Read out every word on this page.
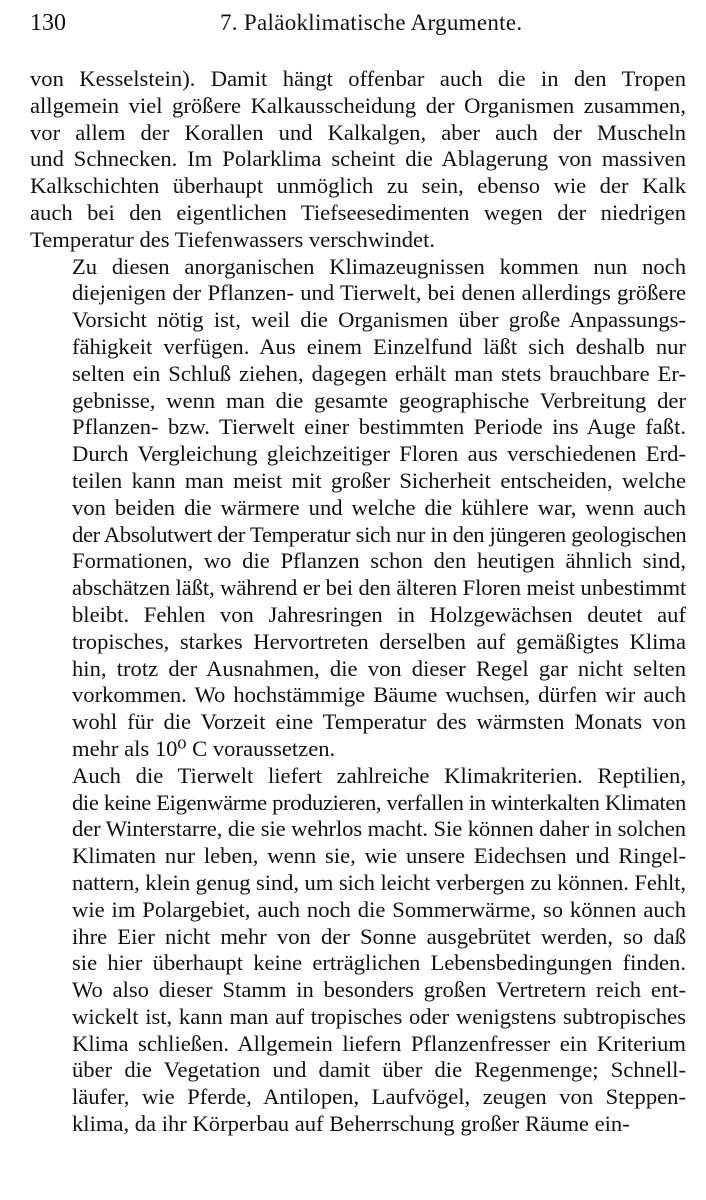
130	7. Paläoklimatische Argumente.
von Kesselstein). Damit hängt offenbar auch die in den Tropen
allgemein viel größere Kalkausscheidung der Organismen zusammen,
vor allem der Korallen und Kalkalgen, aber auch der Muscheln
und Schnecken. Im Polarklima scheint die Ablagerung von massiven
Kalkschichten überhaupt unmöglich zu sein, ebenso wie der Kalk
auch bei den eigentlichen Tiefseesedimenten wegen der niedrigen
Temperatur des Tiefenwassers verschwindet.
Zu diesen anorganischen Klimazeugnissen kommen nun noch
diejenigen der Pflanzen- und Tierwelt, bei denen allerdings größere
Vorsicht nötig ist, weil die Organismen über große Anpassungs-
fähigkeit verfügen. Aus einem Einzelfund läßt sich deshalb nur
selten ein Schluß ziehen, dagegen erhält man stets brauchbare Er-
gebnisse, wenn man die gesamte geographische Verbreitung der
Pflanzen- bzw. Tierwelt einer bestimmten Periode ins Auge faßt.
Durch Vergleichung gleichzeitiger Floren aus verschiedenen Erd-
teilen kann man meist mit großer Sicherheit entscheiden, welche
von beiden die wärmere und welche die kühlere war, wenn auch
der Absolutwert der Temperatur sich nur in den jüngeren geologischen
Formationen, wo die Pflanzen schon den heutigen ähnlich sind,
abschätzen läßt, während er bei den älteren Floren meist unbestimmt
bleibt. Fehlen von Jahresringen in Holzgewächsen deutet auf
tropisches, starkes Hervortreten derselben auf gemäßigtes Klima
hin, trotz der Ausnahmen, die von dieser Regel gar nicht selten
vorkommen. Wo hochstämmige Bäume wuchsen, dürfen wir auch
wohl für die Vorzeit eine Temperatur des wärmsten Monats von
mehr als 10⁰ C voraussetzen.
Auch die Tierwelt liefert zahlreiche Klimakriterien. Reptilien,
die keine Eigenwärme produzieren, verfallen in winterkalten Klimaten
der Winterstarre, die sie wehrlos macht. Sie können daher in solchen
Klimaten nur leben, wenn sie, wie unsere Eidechsen und Ringel-
nattern, klein genug sind, um sich leicht verbergen zu können. Fehlt,
wie im Polargebiet, auch noch die Sommerwärme, so können auch
ihre Eier nicht mehr von der Sonne ausgebrütet werden, so daß
sie hier überhaupt keine erträglichen Lebensbedingungen finden.
Wo also dieser Stamm in besonders großen Vertretern reich ent-
wickelt ist, kann man auf tropisches oder wenigstens subtropisches
Klima schließen. Allgemein liefern Pflanzenfresser ein Kriterium
über die Vegetation und damit über die Regenmenge; Schnell-
läufer, wie Pferde, Antilopen, Laufvögel, zeugen von Steppen-
klima, da ihr Körperbau auf Beherrschung großer Räume ein-
